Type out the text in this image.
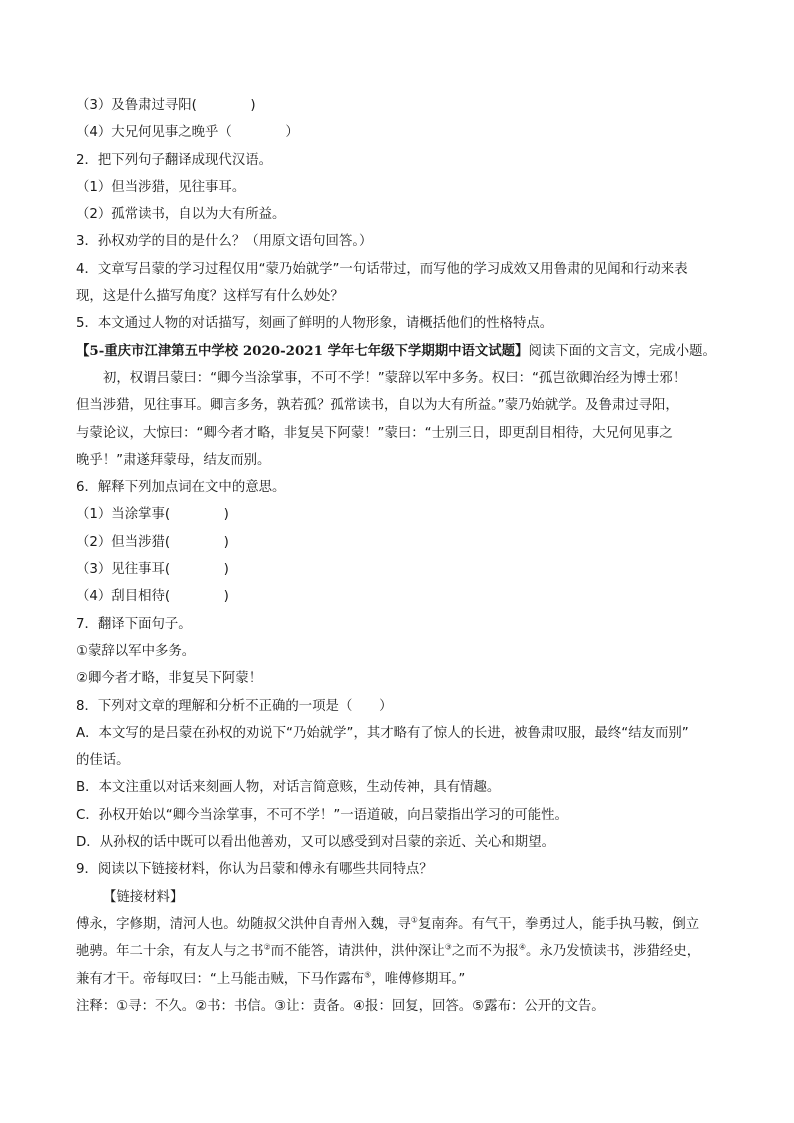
（3）及鲁肃过寻阳(　　　　)
（4）大兄何见事之晚乎（　　　　）
2．把下列句子翻译成现代汉语。
（1）但当涉猎，见往事耳。
（2）孤常读书，自以为大有所益。
3．孙权劝学的目的是什么？（用原文语句回答。）
4．文章写吕蒙的学习过程仅用“蒙乃始就学”一句话带过，而写他的学习成效又用鲁肃的见闻和行动来表
现，这是什么描写角度？这样写有什么妙处？
5．本文通过人物的对话描写，刻画了鲜明的人物形象，请概括他们的性格特点。
【5-重庆市江津第五中学校 2020-2021 学年七年级下学期期中语文试题】阅读下面的文言文，完成小题。
初，权谓吕蒙曰：“卿今当涂掌事，不可不学！”蒙辞以军中多务。权曰：“孤岂欲卿治经为博士邪！
但当涉猎，见往事耳。卿言多务，孰若孤？孤常读书，自以为大有所益。”蒙乃始就学。及鲁肃过寻阳，
与蒙论议，大惊曰：“卿今者才略，非复吴下阿蒙！”蒙曰：“士别三日，即更刮目相待，大兄何见事之
晚乎！”肃遂拜蒙母，结友而别。
6．解释下列加点词在文中的意思。
（1）当涂掌事(　　　　)
（2）但当涉猎(　　　　)
（3）见往事耳(　　　　)
（4）刮目相待(　　　　)
7．翻译下面句子。
①蒙辞以军中多务。
②卿今者才略，非复吴下阿蒙！
8．下列对文章的理解和分析不正确的一项是（　　）
A．本文写的是吕蒙在孙权的劝说下“乃始就学”，其才略有了惊人的长进，被鲁肃叹服，最终“结友而别”
的佳话。
B．本文注重以对话来刻画人物，对话言简意赅，生动传神，具有情趣。
C．孙权开始以“卿今当涂掌事，不可不学！”一语道破，向吕蒙指出学习的可能性。
D．从孙权的话中既可以看出他善劝，又可以感受到对吕蒙的亲近、关心和期望。
9．阅读以下链接材料，你认为吕蒙和傅永有哪些共同特点？
【链接材料】
傅永，字修期，清河人也。幼随叔父洪仲自青州入魏，寻①复南奔。有气干，拳勇过人，能手执马鞍，倒立
驰骋。年二十余，有友人与之书②而不能答，请洪仲，洪仲深让③之而不为报④。永乃发愤读书，涉猎经史，
兼有才干。帝每叹曰：“上马能击贼，下马作露布⑤，唯傅修期耳。”
注释：①寻：不久。②书：书信。③让：责备。④报：回复，回答。⑤露布：公开的文告。
